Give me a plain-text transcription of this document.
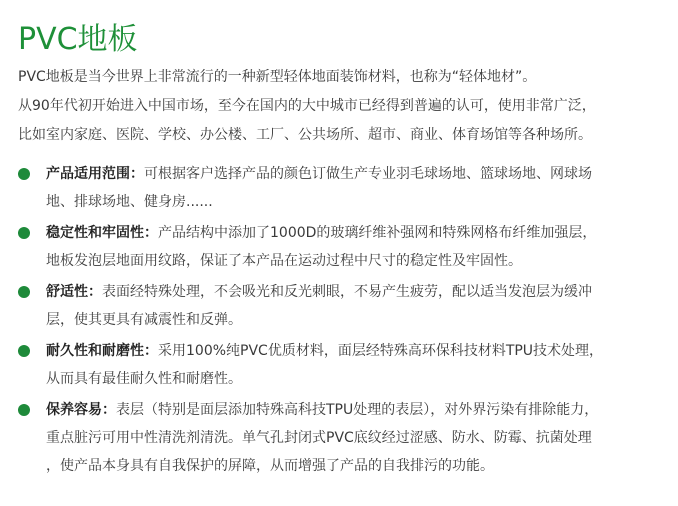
PVC地板

PVC地板是当今世界上非常流行的一种新型轻体地面装饰材料，也称为“轻体地材”。

从90年代初开始进入中国市场，至今在国内的大中城市已经得到普遍的认可，使用非常广泛，

比如室内家庭、医院、学校、办公楼、工厂、公共场所、超市、商业、体育场馆等各种场所。

产品适用范围：可根据客户选择产品的颜色订做生产专业羽毛球场地、篮球场地、网球场
地、排球场地、健身房......
稳定性和牢固性：产品结构中添加了1000D的玻璃纤维补强网和特殊网格布纤维加强层，
地板发泡层地面用纹路，保证了本产品在运动过程中尺寸的稳定性及牢固性。
舒适性：表面经特殊处理，不会吸光和反光刺眼，不易产生疲劳，配以适当发泡层为缓冲
层，使其更具有减震性和反弹。
耐久性和耐磨性：采用100%纯PVC优质材料，面层经特殊高环保科技材料TPU技术处理，
从而具有最佳耐久性和耐磨性。
保养容易：表层（特别是面层添加特殊高科技TPU处理的表层），对外界污染有排除能力，
重点脏污可用中性清洗剂清洗。单气孔封闭式PVC底纹经过涩感、防水、防霉、抗菌处理
，使产品本身具有自我保护的屏障，从而增强了产品的自我排污的功能。
